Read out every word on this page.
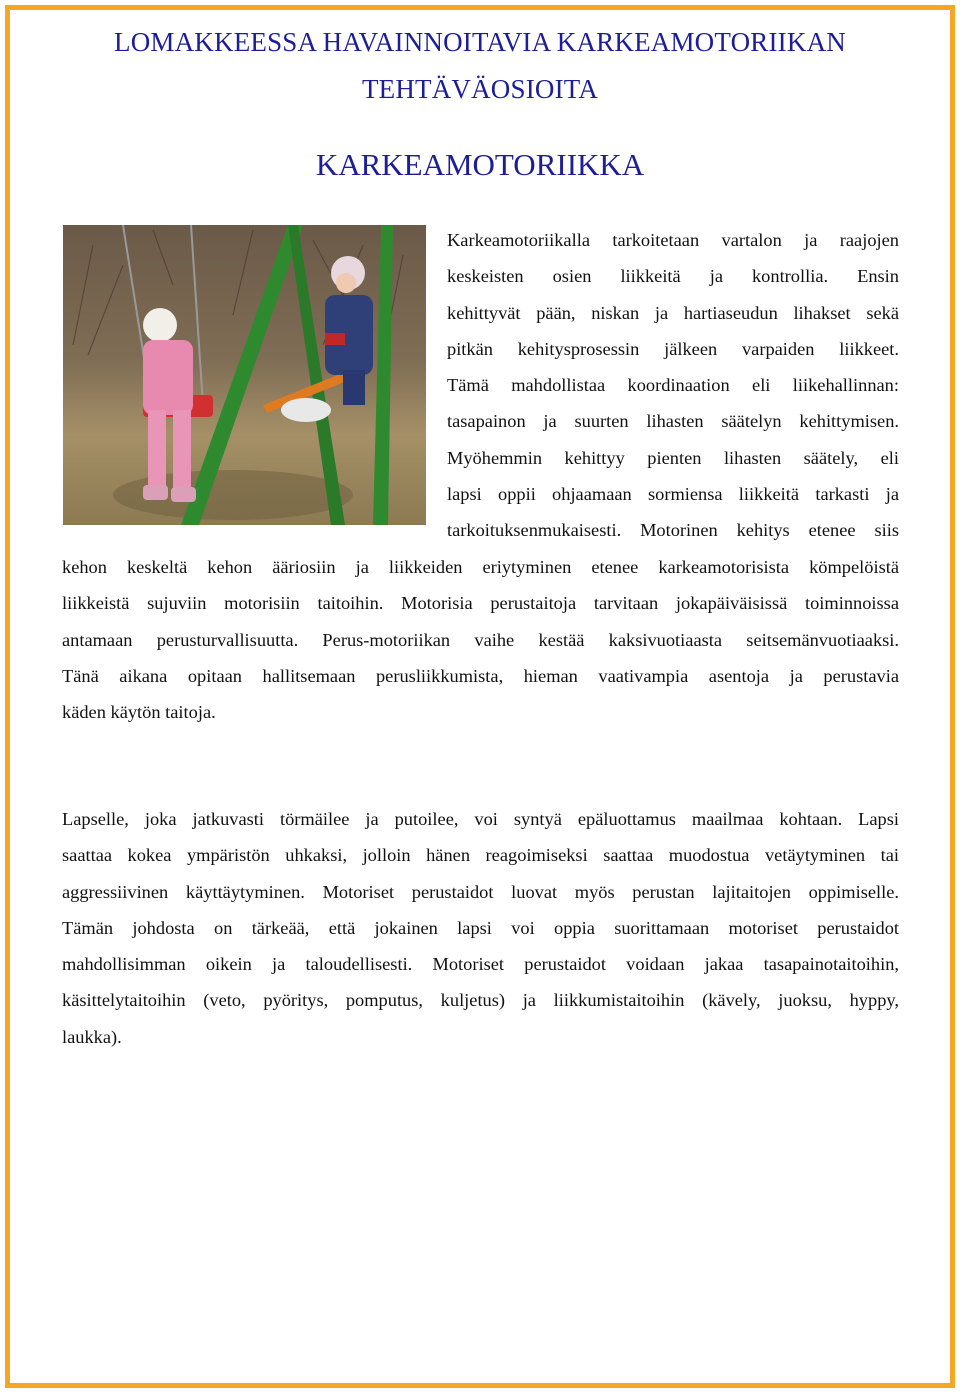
LOMAKKEESSA HAVAINNOITAVIA KARKEAMOTORIIKAN
TEHTÄVÄOSIOITA
KARKEAMOTORIIKKA
Karkeamotoriikalla tarkoitetaan vartalon ja raajojen
keskeisten osien liikkeitä ja kontrollia. Ensin
kehittyvät pään, niskan ja hartiaseudun lihakset sekä
pitkän kehitysprosessin jälkeen varpaiden liikkeet.
Tämä mahdollistaa koordinaation eli liikehallinnan:
tasapainon ja suurten lihasten säätelyn kehittymisen.
Myöhemmin kehittyy pienten lihasten säätely, eli
lapsi oppii ohjaamaan sormiensa liikkeitä tarkasti ja
tarkoituksenmukaisesti. Motorinen kehitys etenee siis
kehon keskeltä kehon ääriosiin ja liikkeiden eriytyminen etenee karkeamotorisista kömpelöistä
liikkeistä sujuviin motorisiin taitoihin. Motorisia perustaitoja tarvitaan jokapäiväisissä toiminnoissa
antamaan perusturvallisuutta. Perus-motoriikan vaihe kestää kaksivuotiaasta seitsemänvuotiaaksi.
Tänä aikana opitaan hallitsemaan perusliikkumista, hieman vaativampia asentoja ja perustavia
käden käytön taitoja.
Lapselle, joka jatkuvasti törmäilee ja putoilee, voi syntyä epäluottamus maailmaa kohtaan. Lapsi
saattaa kokea ympäristön uhkaksi, jolloin hänen reagoimiseksi saattaa muodostua vetäytyminen tai
aggressiivinen käyttäytyminen. Motoriset perustaidot luovat myös perustan lajitaitojen oppimiselle.
Tämän johdosta on tärkeää, että jokainen lapsi voi oppia suorittamaan motoriset perustaidot
mahdollisimman oikein ja taloudellisesti. Motoriset perustaidot voidaan jakaa tasapainotaitoihin,
käsittelytaitoihin (veto, pyöritys, pomputus, kuljetus) ja liikkumistaitoihin (kävely, juoksu, hyppy,
laukka).
